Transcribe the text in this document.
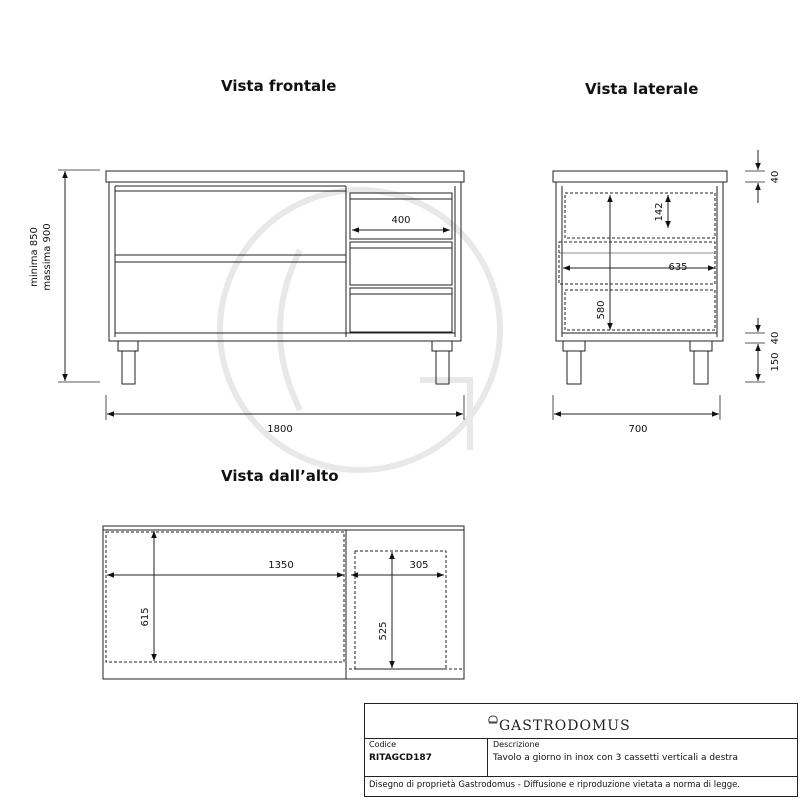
1800
400
minima 850 massima 900
700
635
142
580
40
40
150
1350	305
615
525
Vista frontale	Vista laterale
Vista dall’alto
GASTRODOMUS
Codice
RITAGCD187
Descrizione
Tavolo a giorno in inox con 3 cassetti verticali a destra
Disegno di proprietà Gastrodomus - Diffusione e riproduzione vietata a norma di legge.
